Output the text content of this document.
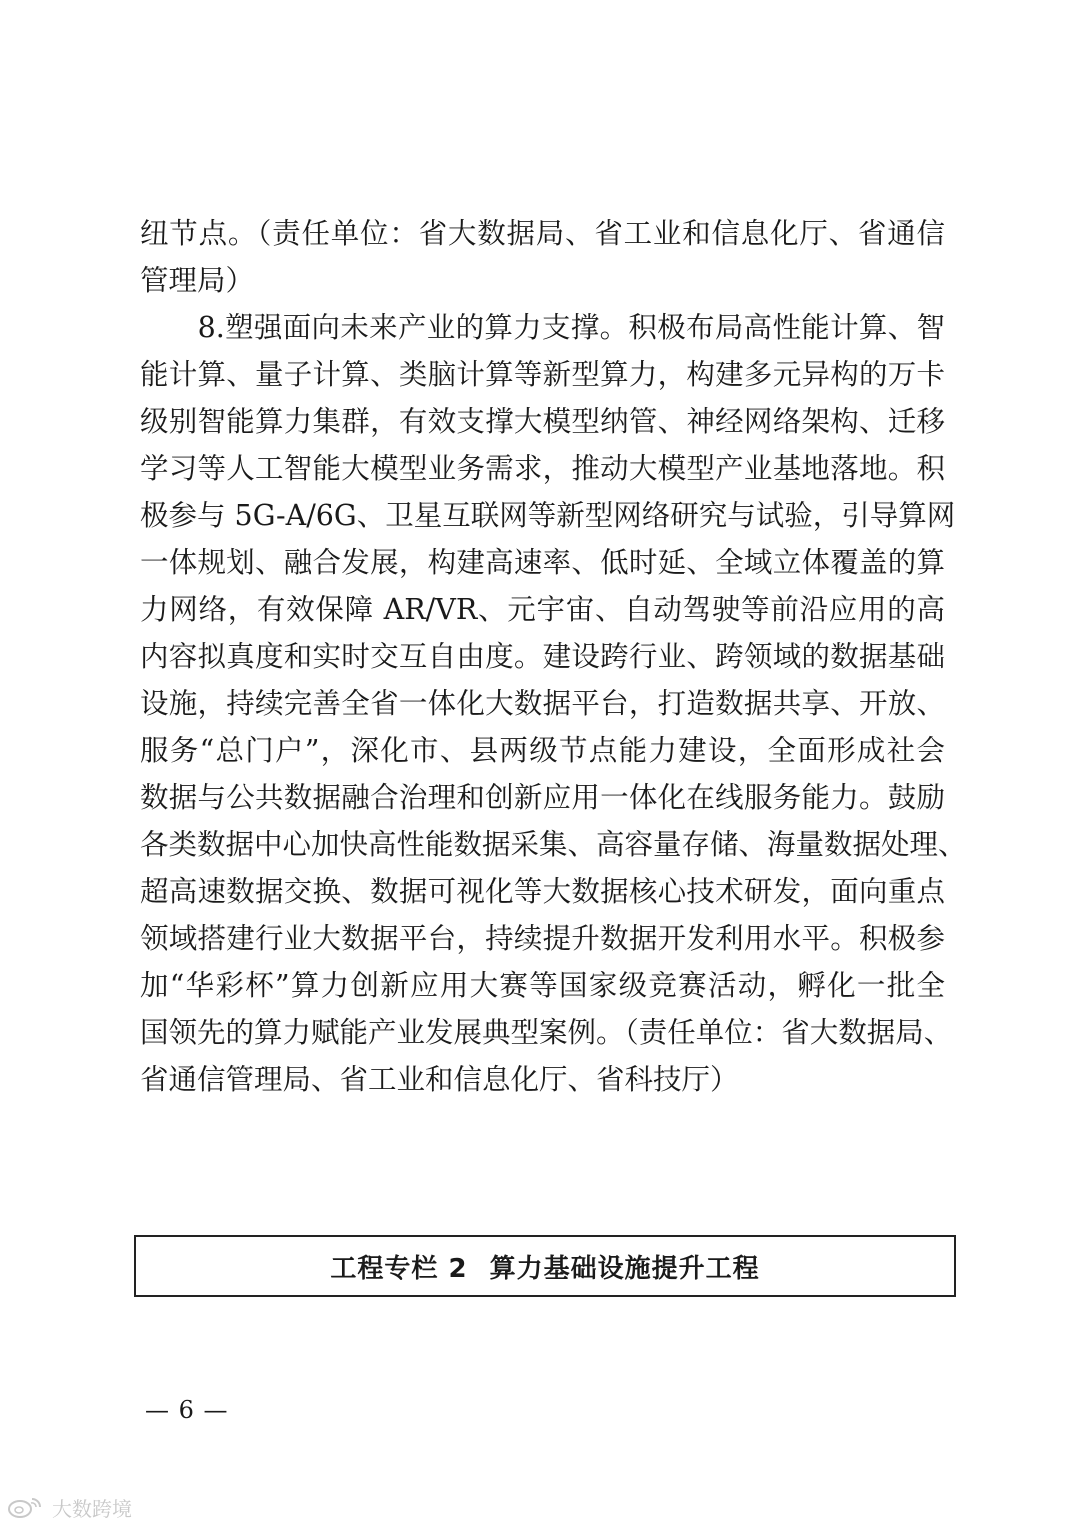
纽节点。（责任单位：省大数据局、省工业和信息化厅、省通信
管理局）
　　8.塑强面向未来产业的算力支撑。积极布局高性能计算、智
能计算、量子计算、类脑计算等新型算力，构建多元异构的万卡
级别智能算力集群，有效支撑大模型纳管、神经网络架构、迁移
学习等人工智能大模型业务需求，推动大模型产业基地落地。积
极参与 5G-A/6G、卫星互联网等新型网络研究与试验，引导算网
一体规划、融合发展，构建高速率、低时延、全域立体覆盖的算
力网络，有效保障 AR/VR、元宇宙、自动驾驶等前沿应用的高
内容拟真度和实时交互自由度。建设跨行业、跨领域的数据基础
设施，持续完善全省一体化大数据平台，打造数据共享、开放、
服务“总门户”，深化市、县两级节点能力建设，全面形成社会
数据与公共数据融合治理和创新应用一体化在线服务能力。鼓励
各类数据中心加快高性能数据采集、高容量存储、海量数据处理、
超高速数据交换、数据可视化等大数据核心技术研发，面向重点
领域搭建行业大数据平台，持续提升数据开发利用水平。积极参
加“华彩杯”算力创新应用大赛等国家级竞赛活动，孵化一批全
国领先的算力赋能产业发展典型案例。（责任单位：省大数据局、
省通信管理局、省工业和信息化厅、省科技厅）
工程专栏 2 算力基础设施提升工程
— 6 —
大数跨境
